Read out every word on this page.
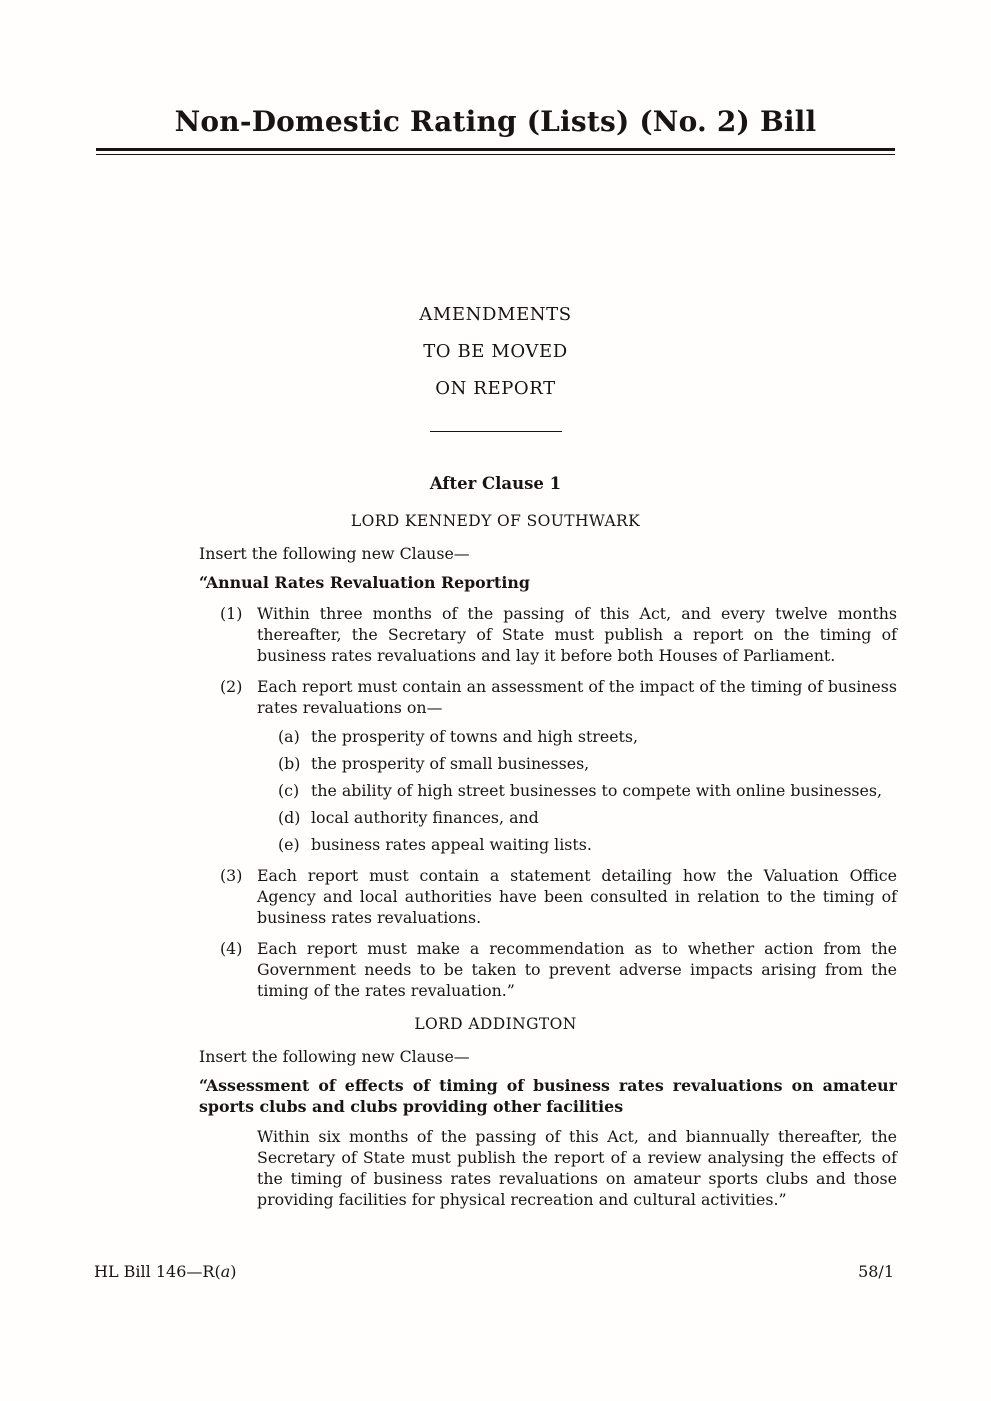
Non-Domestic Rating (Lists) (No. 2) Bill
AMENDMENTS
TO BE MOVED
ON REPORT
After Clause 1
LORD KENNEDY OF SOUTHWARK

Insert the following new Clause—

“Annual Rates Revaluation Reporting

(1) Within three months of the passing of this Act, and every twelve months thereafter, the Secretary of State must publish a report on the timing of business rates revaluations and lay it before both Houses of Parliament.
(2) Each report must contain an assessment of the impact of the timing of business rates revaluations on—

(a) the prosperity of towns and high streets,
(b) the prosperity of small businesses,
(c) the ability of high street businesses to compete with online businesses,
(d) local authority finances, and
(e) business rates appeal waiting lists.
(3) Each report must contain a statement detailing how the Valuation Office Agency and local authorities have been consulted in relation to the timing of business rates revaluations.
(4) Each report must make a recommendation as to whether action from the Government needs to be taken to prevent adverse impacts arising from the timing of the rates revaluation.”
LORD ADDINGTON

Insert the following new Clause—

“Assessment of effects of timing of business rates revaluations on amateur sports clubs and clubs providing other facilities

Within six months of the passing of this Act, and biannually thereafter, the Secretary of State must publish the report of a review analysing the effects of the timing of business rates revaluations on amateur sports clubs and those providing facilities for physical recreation and cultural activities.”

HL Bill 146—R(a)	58/1
